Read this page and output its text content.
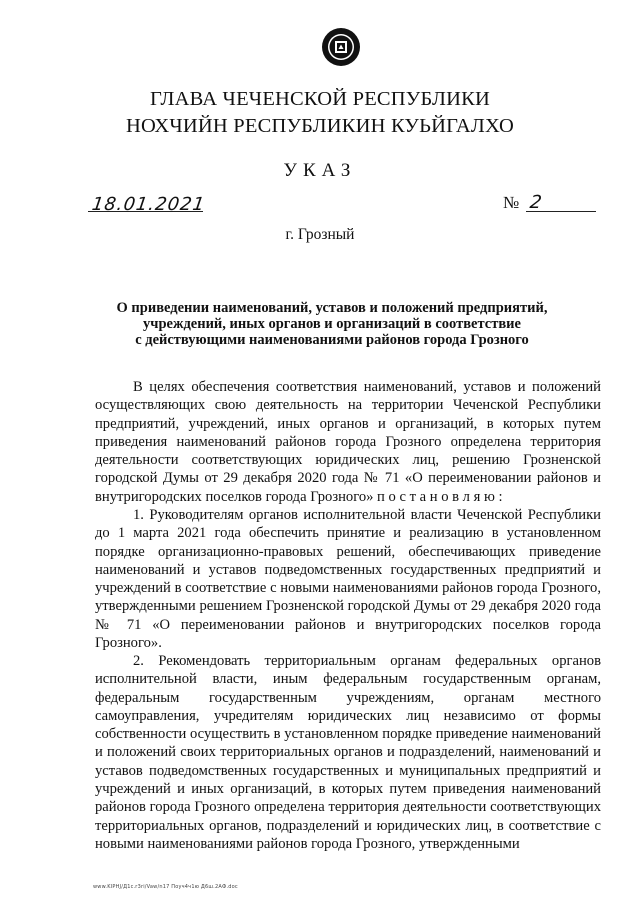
ГЛАВА ЧЕЧЕНСКОЙ РЕСПУБЛИКИ
НОХЧИЙН РЕСПУБЛИКИН КУЬЙГАЛХО
УКАЗ
18.01.2021	№ 2
г. Грозный
О приведении наименований, уставов и положений предприятий,
учреждений, иных органов и организаций в соответствие
с действующими наименованиями районов города Грозного
В целях обеспечения соответствия наименований, уставов и положений осуществляющих свою деятельность на территории Чеченской Республики предприятий, учреждений, иных органов и организаций, в которых путем приведения наименований районов города Грозного определена территория деятельности соответствующих юридических лиц, решению Грозненской городской Думы от 29 декабря 2020 года № 71 «О переименовании районов и внутригородских поселков города Грозного» п о с т а н о в л я ю :
1. Руководителям органов исполнительной власти Чеченской Республики до 1 марта 2021 года обеспечить принятие и реализацию в установленном порядке организационно-правовых решений, обеспечивающих приведение наименований и уставов подведомственных государственных предприятий и учреждений в соответствие с новыми наименованиями районов города Грозного, утвержденными решением Грозненской городской Думы от 29 декабря 2020 года № 71 «О переименовании районов и внутригородских поселков города Грозного».
2. Рекомендовать территориальным органам федеральных органов исполнительной власти, иным федеральным государственным органам, федеральным государственным учреждениям, органам местного самоуправления, учредителям юридических лиц независимо от формы собственности осуществить в установленном порядке приведение наименований и положений своих территориальных органов и подразделений, наименований и уставов подведомственных государственных и муниципальных предприятий и учреждений и иных организаций, в которых путем приведения наименований районов города Грозного определена территория деятельности соответствующих территориальных органов, подразделений и юридических лиц, в соответствие с новыми наименованиями районов города Грозного, утвержденными
www.KIPHJ/Д1c.r3ri/Vaw/n17 Поуч4ч1ю Д6ш.2АФ.doc
